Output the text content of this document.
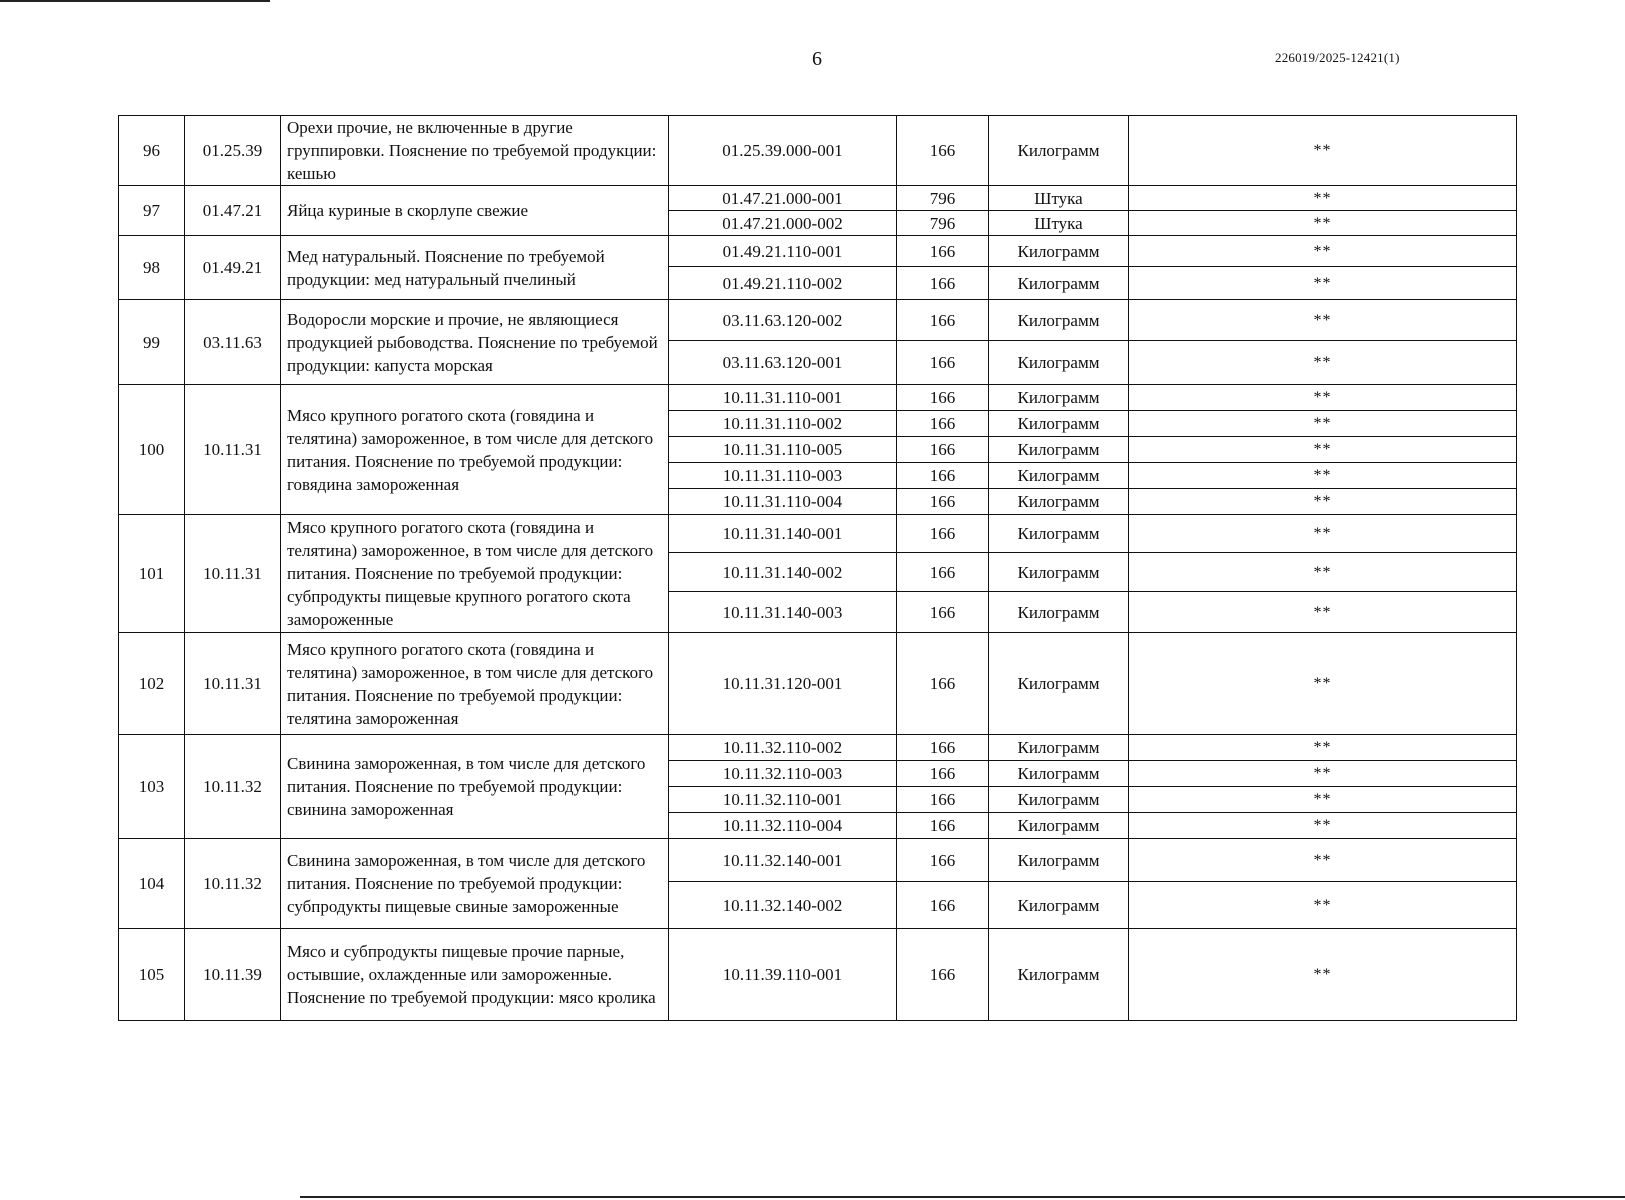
6	226019/2025-12421(1)
96	01.25.39	Орехи прочие, не включенные в другие группировки. Пояснение по требуемой продукции: кешью	01.25.39.000-001	166	Килограмм	**
97	01.47.21	Яйца куриные в скорлупе свежие	01.47.21.000-001	796	Штука	**
			01.47.21.000-002	796	Штука	**
98	01.49.21	Мед натуральный. Пояснение по требуемой продукции: мед натуральный пчелиный	01.49.21.110-001	166	Килограмм	**
			01.49.21.110-002	166	Килограмм	**
99	03.11.63	Водоросли морские и прочие, не являющиеся продукцией рыбоводства. Пояснение по требуемой продукции: капуста морская	03.11.63.120-002	166	Килограмм	**
			03.11.63.120-001	166	Килограмм	**
100	10.11.31	Мясо крупного рогатого скота (говядина и телятина) замороженное, в том числе для детского питания. Пояснение по требуемой продукции: говядина замороженная	10.11.31.110-001	166	Килограмм	**
			10.11.31.110-002	166	Килограмм	**
			10.11.31.110-005	166	Килограмм	**
			10.11.31.110-003	166	Килограмм	**
			10.11.31.110-004	166	Килограмм	**
101	10.11.31	Мясо крупного рогатого скота (говядина и телятина) замороженное, в том числе для детского питания. Пояснение по требуемой продукции: субпродукты пищевые крупного рогатого скота замороженные	10.11.31.140-001	166	Килограмм	**
			10.11.31.140-002	166	Килограмм	**
			10.11.31.140-003	166	Килограмм	**
102	10.11.31	Мясо крупного рогатого скота (говядина и телятина) замороженное, в том числе для детского питания. Пояснение по требуемой продукции: телятина замороженная	10.11.31.120-001	166	Килограмм	**
103	10.11.32	Свинина замороженная, в том числе для детского питания. Пояснение по требуемой продукции: свинина замороженная	10.11.32.110-002	166	Килограмм	**
			10.11.32.110-003	166	Килограмм	**
			10.11.32.110-001	166	Килограмм	**
			10.11.32.110-004	166	Килограмм	**
104	10.11.32	Свинина замороженная, в том числе для детского питания. Пояснение по требуемой продукции: субпродукты пищевые свиные замороженные	10.11.32.140-001	166	Килограмм	**
			10.11.32.140-002	166	Килограмм	**
105	10.11.39	Мясо и субпродукты пищевые прочие парные, остывшие, охлажденные или замороженные. Пояснение по требуемой продукции: мясо кролика	10.11.39.110-001	166	Килограмм	**
